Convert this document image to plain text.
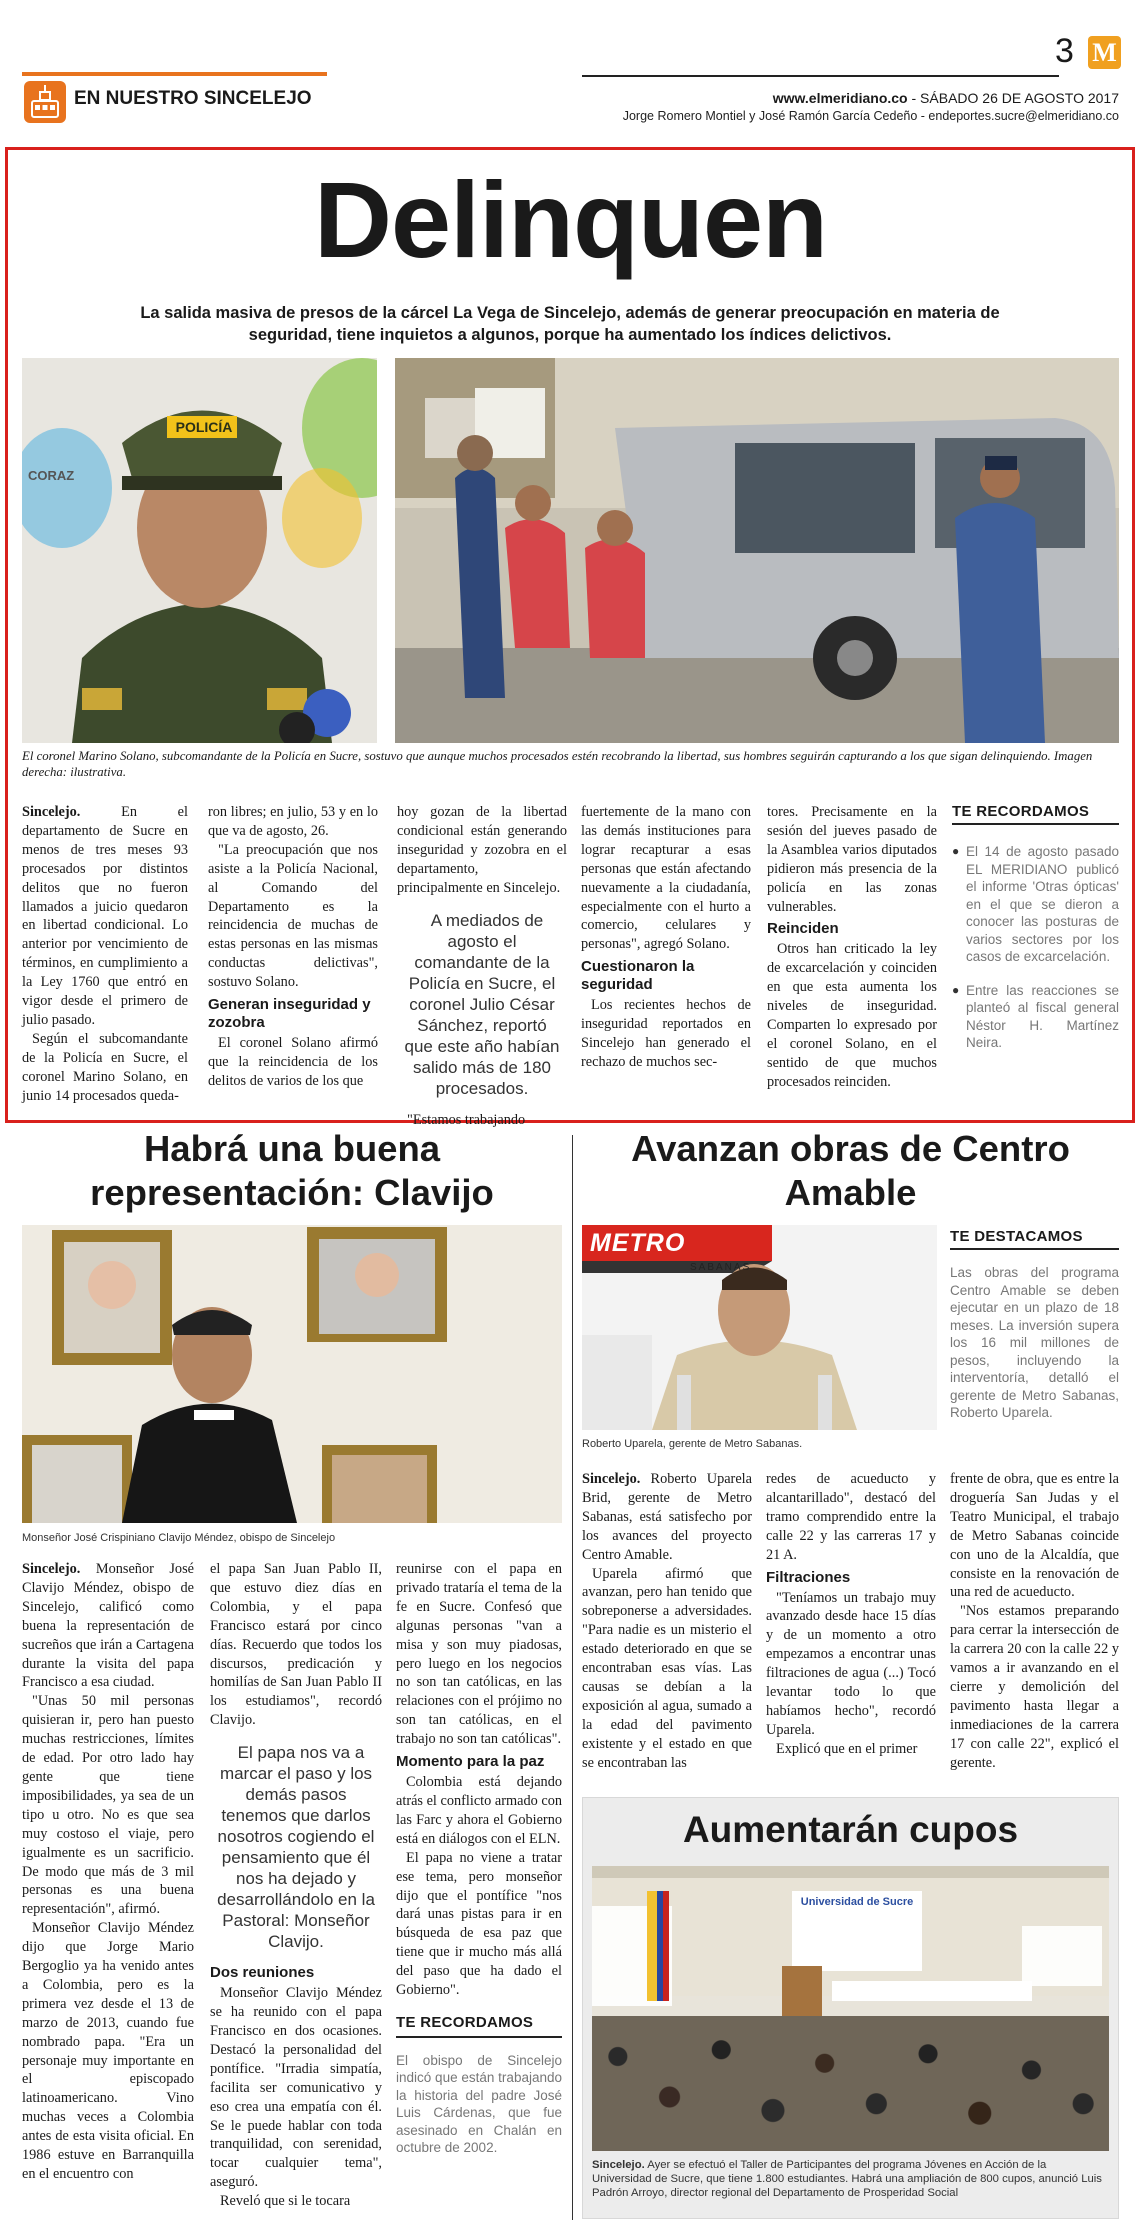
EN NUESTRO SINCELEJO
3 M
www.elmeridiano.co - SÁBADO 26 DE AGOSTO 2017
Jorge Romero Montiel y José Ramón García Cedeño - endeportes.sucre@elmeridiano.co
Delinquen
La salida masiva de presos de la cárcel La Vega de Sincelejo, además de generar preocupación en materia de seguridad, tiene inquietos a algunos, porque ha aumentado los índices delictivos.
POLICÍA
CORAZ
El coronel Marino Solano, subcomandante de la Policía en Sucre, sostuvo que aunque muchos procesados estén recobrando la libertad, sus hombres seguirán capturando a los que sigan delinquiendo. Imagen derecha: ilustrativa.

Sincelejo.	En el departamento de Sucre en menos de tres meses 93 procesados por distintos delitos que no fueron llamados a juicio quedaron en libertad condicional. Lo anterior por vencimiento de términos, en cumplimiento a la Ley 1760 que entró en vigor desde el primero de julio pasado.

Según el subcomandante de la Policía en Sucre, el coronel Marino Solano, en junio 14 procesados queda-

ron libres; en julio, 53 y en lo que va de agosto, 26.

"La preocupación que nos asiste a la Policía Nacional, al Comando del Departamento es la reincidencia de muchas de estas personas en las mismas conductas delictivas", sostuvo Solano.

Generan inseguridad y zozobra

El coronel Solano afirmó que la reincidencia de los delitos de varios de los que

hoy gozan de la libertad condicional están generando inseguridad y zozobra en el departamento, principalmente en Sincelejo.

A mediados de agosto el comandante de la Policía en Sucre, el coronel Julio César Sánchez, reportó que este año habían salido más de 180 procesados.

"Estamos trabajando

fuertemente de la mano con las demás instituciones para lograr recapturar a esas personas que están afectando nuevamente a la ciudadanía, especialmente con el hurto a comercio, celulares y personas", agregó Solano.

Cuestionaron la seguridad

Los recientes hechos de inseguridad reportados en Sincelejo han generado el rechazo de muchos sec-

tores. Precisamente en la sesión del jueves pasado de la Asamblea varios diputados pidieron más presencia de la policía en las zonas vulnerables.

Reinciden

Otros han criticado la ley de excarcelación y coinciden en que esta aumenta los niveles de inseguridad. Comparten lo expresado por el coronel Solano, en el sentido de que muchos procesados reinciden.

TE RECORDAMOS
● El 14 de agosto pasado EL MERIDIANO publicó el informe 'Otras ópticas' en el que se dieron a conocer las posturas de varios sectores por los casos de excarcelación.
● Entre las reacciones se planteó al fiscal general Néstor H. Martínez Neira.
Habrá una buena representación: Clavijo
Monseñor José Crispiniano Clavijo Méndez, obispo de Sincelejo

Sincelejo. Monseñor José Clavijo Méndez, obispo de Sincelejo, calificó como buena la representación de sucreños que irán a Cartagena durante la visita del papa Francisco a esa ciudad.

"Unas 50 mil personas quisieran ir, pero han puesto muchas restricciones, límites de edad. Por otro lado hay gente que tiene imposibilidades, ya sea de un tipo u otro. No es que sea muy costoso el viaje, pero igualmente es un sacrificio. De modo que más de 3 mil personas es una buena representación", afirmó.

Monseñor Clavijo Méndez dijo que Jorge Mario Bergoglio ya ha venido antes a Colombia, pero es la primera vez desde el 13 de marzo de 2013, cuando fue nombrado papa. "Era un personaje muy importante en el episcopado latinoamericano. Vino muchas veces a Colombia antes de esta visita oficial. En 1986 estuve en Barranquilla en el encuentro con

el papa San Juan Pablo II, que estuvo diez días en Colombia, y el papa Francisco estará por cinco días. Recuerdo que todos los discursos, predicación y homilías de San Juan Pablo II los estudiamos", recordó Clavijo.

El papa nos va a marcar el paso y los demás pasos tenemos que darlos nosotros cogiendo el pensamiento que él nos ha dejado y desarrollándolo en la Pastoral: Monseñor Clavijo.

Dos reuniones

Monseñor Clavijo Méndez se ha reunido con el papa Francisco en dos ocasiones. Destacó la personalidad del pontífice. "Irradia simpatía, facilita ser comunicativo y eso crea una empatía con él. Se le puede hablar con toda tranquilidad, con serenidad, tocar cualquier tema", aseguró.

Reveló que si le tocara

reunirse con el papa en privado trataría el tema de la fe en Sucre. Confesó que algunas personas "van a misa y son muy piadosas, pero luego en los negocios no son tan católicas, en las relaciones con el prójimo no son tan católicas, en el trabajo no son tan católicas".

Momento para la paz

Colombia está dejando atrás el conflicto armado con las Farc y ahora el Gobierno está en diálogos con el ELN.

El papa no viene a tratar ese tema, pero monseñor dijo que el pontífice "nos dará unas pistas para ir en búsqueda de esa paz que tiene que ir mucho más allá del paso que ha dado el Gobierno".

TE RECORDAMOS
El obispo de Sincelejo indicó que están trabajando la historia del padre José Luis Cárdenas, que fue asesinado en Chalán en octubre de 2002.
Avanzan obras de Centro Amable
METRO
SABANAS
Roberto Uparela, gerente de Metro Sabanas.
TE DESTACAMOS
Las obras del programa Centro Amable se deben ejecutar en un plazo de 18 meses. La inversión supera los 16 mil millones de pesos, incluyendo la interventoría, detalló el gerente de Metro Sabanas, Roberto Uparela.

Sincelejo. Roberto Uparela Brid, gerente de Metro Sabanas, está satisfecho por los avances del proyecto Centro Amable.

Uparela afirmó que avanzan, pero han tenido que sobreponerse a adversidades. "Para nadie es un misterio el estado deteriorado en que se encontraban esas vías. Las causas se debían a la exposición al agua, sumado a la edad del pavimento existente y el estado en que se encontraban las

redes de acueducto y alcantarillado", destacó del tramo comprendido entre la calle 22 y las carreras 17 y 21 A.

Filtraciones

"Teníamos un trabajo muy avanzado desde hace 15 días y de un momento a otro empezamos a encontrar unas filtraciones de agua (...) Tocó levantar todo lo que habíamos hecho", recordó Uparela.

Explicó que en el primer

frente de obra, que es entre la droguería San Judas y el Teatro Municipal, el trabajo de Metro Sabanas coincide con uno de la Alcaldía, que consiste en la renovación de una red de acueducto.

"Nos estamos preparando para cerrar la intersección de la carrera 20 con la calle 22 y vamos a ir avanzando en el cierre y demolición del pavimento hasta llegar a inmediaciones de la carrera 17 con calle 22", explicó el gerente.

Aumentarán cupos
Universidad de Sucre
Sincelejo. Ayer se efectuó el Taller de Participantes del programa Jóvenes en Acción de la Universidad de Sucre, que tiene 1.800 estudiantes. Habrá una ampliación de 800 cupos, anunció Luis Padrón Arroyo, director regional del Departamento de Prosperidad Social
